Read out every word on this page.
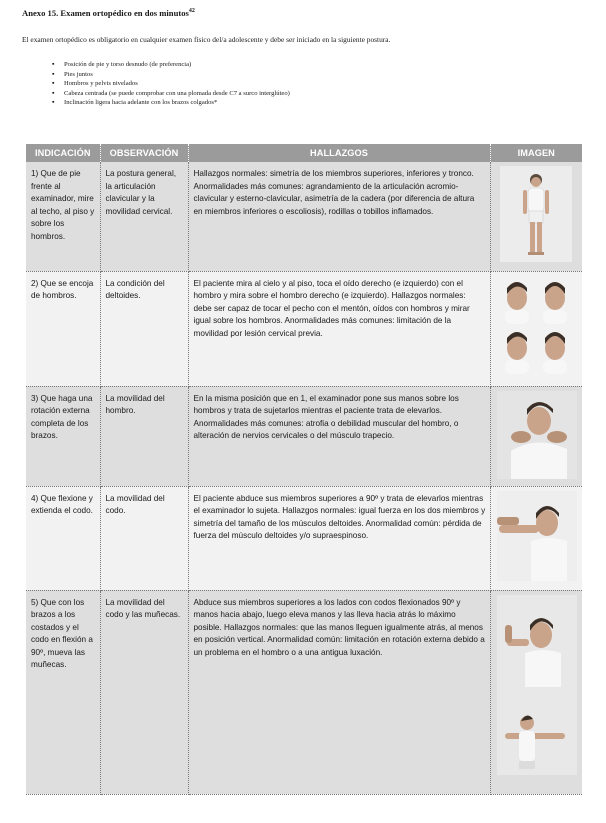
Anexo 15. Examen ortopédico en dos minutos$^{42}$
El examen ortopédico es obligatorio en cualquier examen físico del/a adolescente y debe ser iniciado en la siguiente postura.
▪ Posición de pie y torso desnudo (de preferencia)
▪ Pies juntos
▪ Hombros y pelvis nivelados
▪ Cabeza centrada (se puede comprobar con una plomada desde C7 a surco interglúteo)
▪ Inclinación ligera hacia adelante con los brazos colgados*
INDICACIÓN	OBSERVACIÓN	HALLAZGOS	IMAGEN
1) Que de pie frente al examinador, mire al techo, al piso y sobre los hombros.	La postura general, la articulación clavicular y la movilidad cervical.	Hallazgos normales: simetría de los miembros superiores, inferiores y tronco. Anormalidades más comunes: agrandamiento de la articulación acromio-clavicular y esterno-clavicular, asimetría de la cadera (por diferencia de altura en miembros inferiores o escoliosis), rodillas o tobillos inflamados.	

2) Que se encoja de hombros.	La condición del deltoides.	El paciente mira al cielo y al piso, toca el oído derecho (e izquierdo) con el hombro y mira sobre el hombro derecho (e izquierdo). Hallazgos normales: debe ser capaz de tocar el pecho con el mentón, oídos con hombros y mirar igual sobre los hombros. Anormalidades más comunes: limitación de la movilidad por lesión cervical previa.	

3) Que haga una rotación externa completa de los brazos.	La movilidad del hombro.	En la misma posición que en 1, el examinador pone sus manos sobre los hombros y trata de sujetarlos mientras el paciente trata de elevarlos. Anormalidades más comunes: atrofia o debilidad muscular del hombro, o alteración de nervios cervicales o del músculo trapecio.	

4) Que flexione y extienda el codo.	La movilidad del codo.	El paciente abduce sus miembros superiores a 90º y trata de elevarlos mientras el examinador lo sujeta. Hallazgos normales: igual fuerza en los dos miembros y simetría del tamaño de los músculos deltoides. Anormalidad común: pérdida de fuerza del músculo deltoides y/o supraespinoso.	

5) Que con los brazos a los costados y el codo en flexión a 90º, mueva las muñecas.	La movilidad del codo y las muñecas.	Abduce sus miembros superiores a los lados con codos flexionados 90º y manos hacia abajo, luego eleva manos y las lleva hacia atrás lo máximo posible. Hallazgos normales: que las manos lleguen igualmente atrás, al menos en posición vertical. Anormalidad común: limitación en rotación externa debido a un problema en el hombro o a una antigua luxación.	
